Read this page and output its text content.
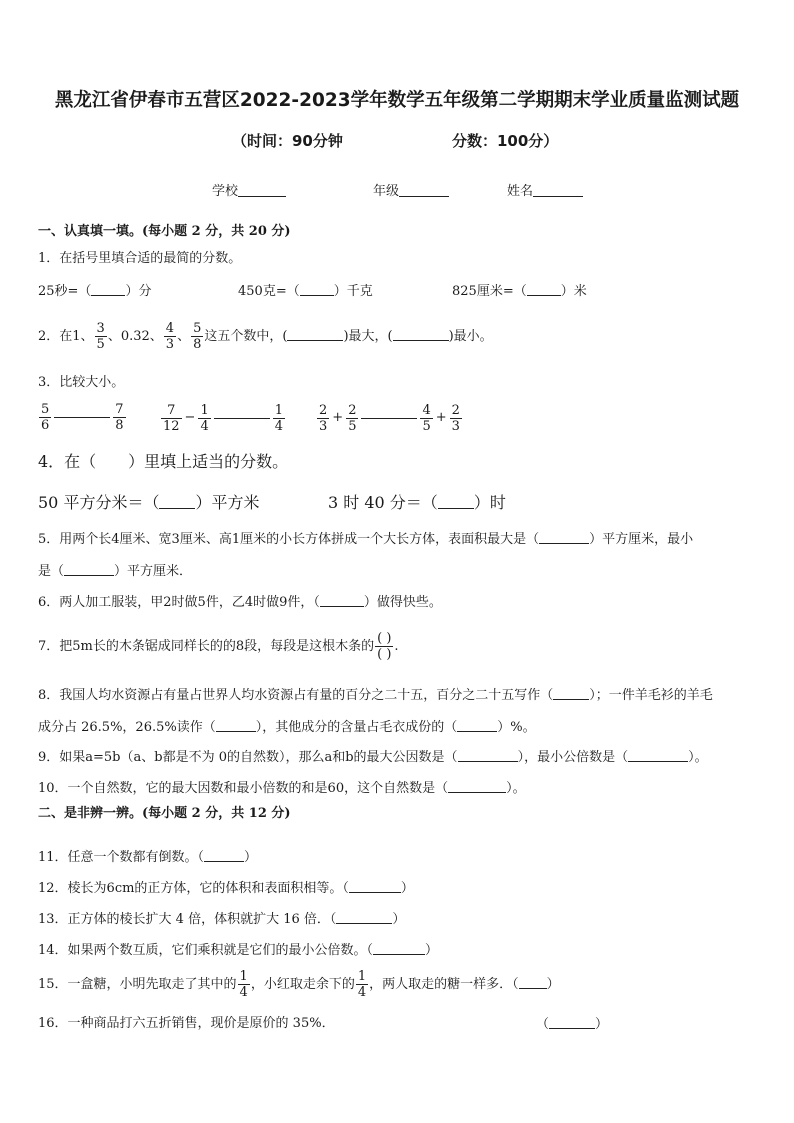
黑龙江省伊春市五营区2022-2023学年数学五年级第二学期期末学业质量监测试题
（时间：90分钟	分数：100分）
学校	年级	姓名
一、认真填一填。(每小题 2 分，共 20 分)
1．在括号里填合适的最简的分数。
25秒=（	）分	450克=（	）千克	825厘米=（	）米
2．在1、 $\frac{3}{5}$ 、0.32、 $\frac{4}{3}$ 、 $\frac{5}{8}$ 这五个数中，(	)最大，(	)最小。
3．比较大小。
$\frac{5}{6}$	$\frac{7}{8}$	$\frac{7}{12} - \frac{1}{4}$	$\frac{1}{4} \frac{2}{3} + \frac{2}{5}$	$\frac{4}{5} + \frac{2}{3}$
4．在（　　）里填上适当的分数。
50 平方分米＝（ ）平方米	3 时 40 分＝（ ）时
5．用两个长4厘米、宽3厘米、高1厘米的小长方体拼成一个大长方体，表面积最大是（	）平方厘米，最小
是（	）平方厘米．
6．两人加工服装，甲2时做5件，乙4时做9件，（	）做得快些。
7．把5m长的木条锯成同样长的的8段，每段是这根木条的 $\frac{( )}{( )}$ .
8．我国人均水资源占有量占世界人均水资源占有量的百分之二十五，百分之二十五写作（	）；一件羊毛衫的羊毛
成分占 26.5%，26.5%读作（	），其他成分的含量占毛衣成份的（	）%。
9．如果a=5b（a、b都是不为 0的自然数），那么a和b的最大公因数是（	），最小公倍数是（	）。
10．一个自然数，它的最大因数和最小倍数的和是60，这个自然数是（	）。
二、是非辨一辨。(每小题 2 分，共 12 分)
11．任意一个数都有倒数。（	）
12．棱长为6cm的正方体，它的体积和表面积相等。（	）
13．正方体的棱长扩大 4 倍，体积就扩大 16 倍．（	）
14．如果两个数互质，它们乘积就是它们的最小公倍数。（	）
15．一盒糖，小明先取走了其中的 $\frac{1}{4}$ ，小红取走余下的 $\frac{1}{4}$ ，两人取走的糖一样多．（ ）
16．一种商品打六五折销售，现价是原价的 35%．	（	）
